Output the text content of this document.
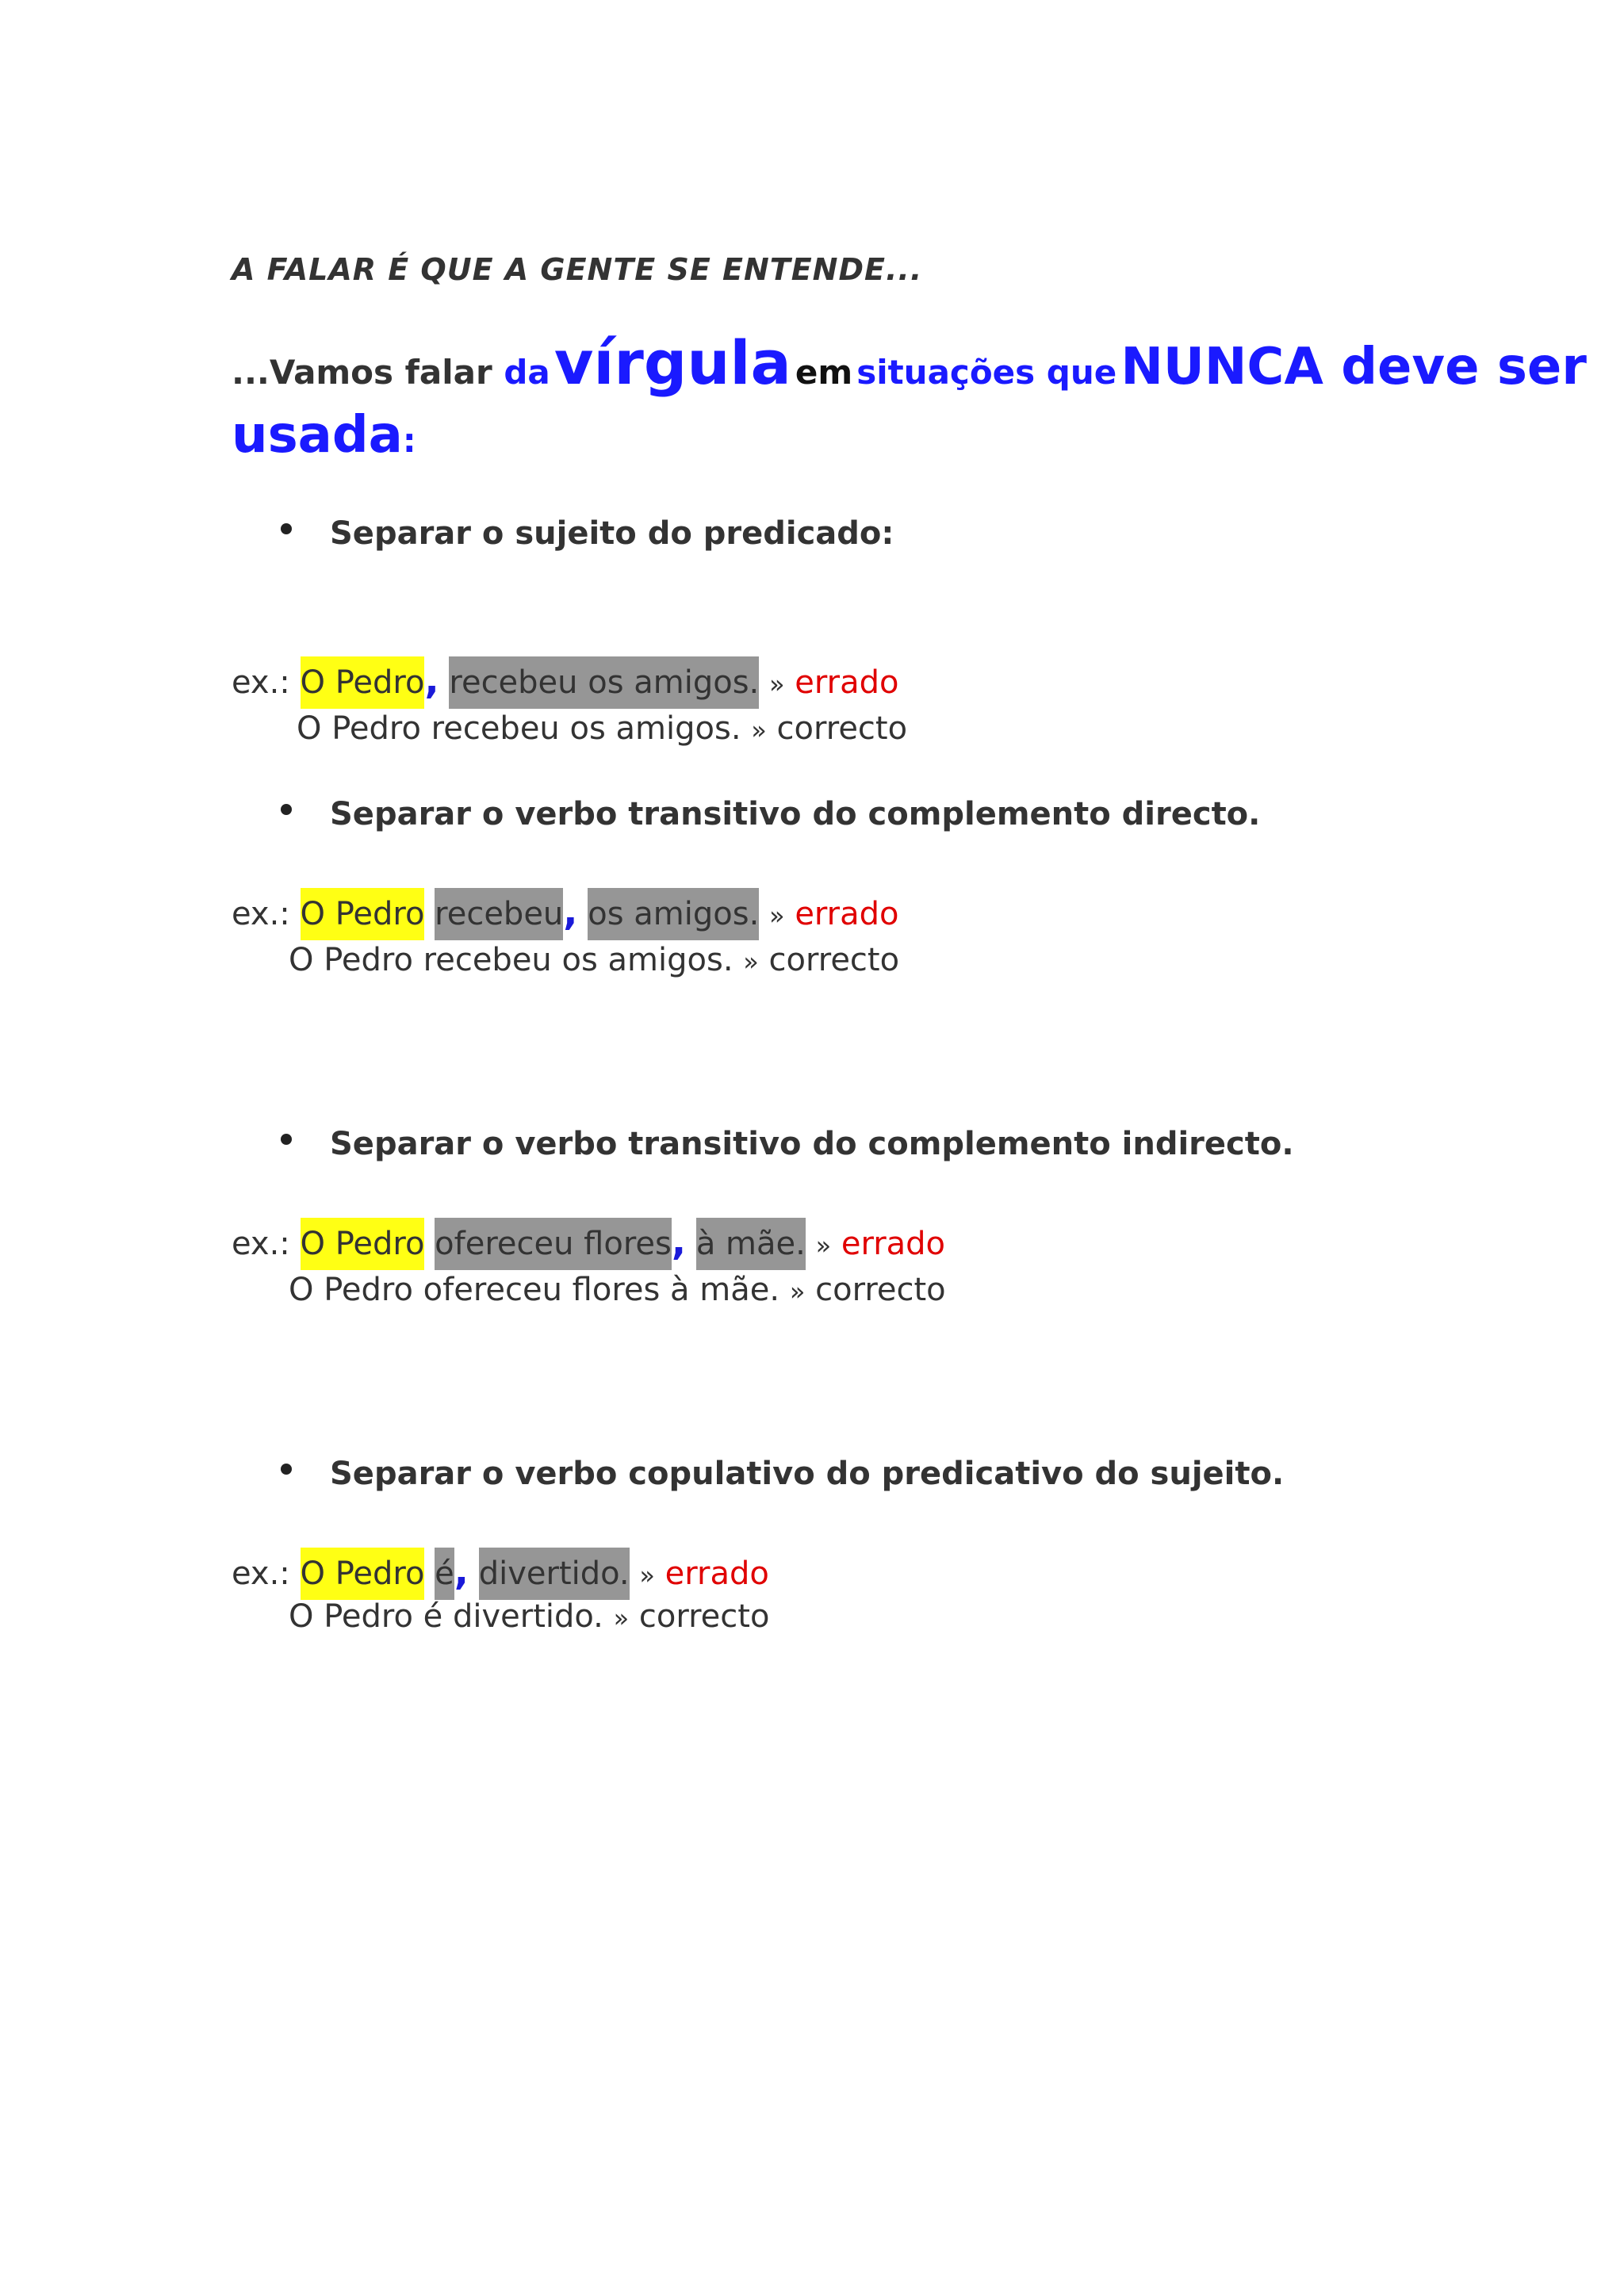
A FALAR É QUE A GENTE SE ENTENDE...
...Vamos falar da vírgula em situações que NUNCA deve ser
usada:
Separar o sujeito do predicado:
ex.: O Pedro, recebeu os amigos. » errado
O Pedro recebeu os amigos. » correcto
Separar o verbo transitivo do complemento directo.
ex.: O Pedro recebeu, os amigos. » errado
O Pedro recebeu os amigos. » correcto
Separar o verbo transitivo do complemento indirecto.
ex.: O Pedro ofereceu flores, à mãe. » errado
O Pedro ofereceu flores à mãe. » correcto
Separar o verbo copulativo do predicativo do sujeito.
ex.: O Pedro é, divertido. » errado
O Pedro é divertido. » correcto
